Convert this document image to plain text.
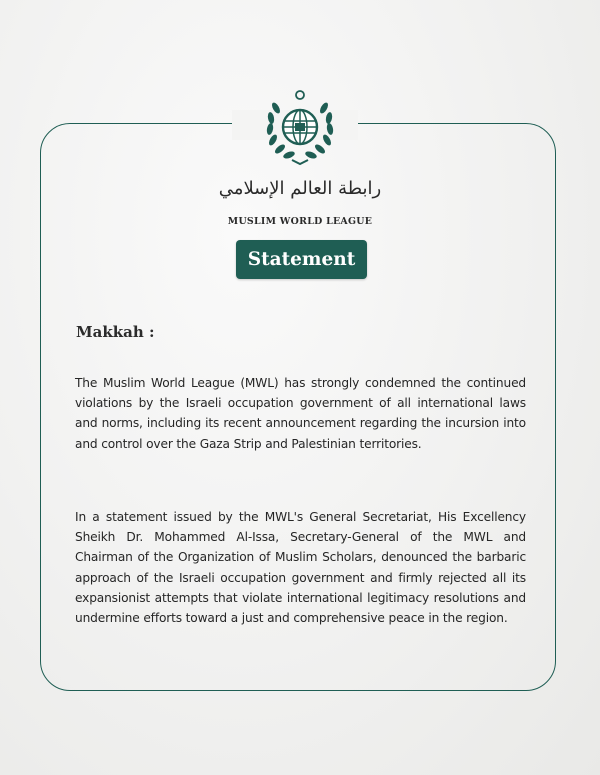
رابطة العالم الإسلامي
MUSLIM WORLD LEAGUE
Statement
Makkah :

The Muslim World League (MWL) has strongly condemned the continued violations by the Israeli occupation government of all international laws and norms, including its recent announcement regarding the incursion into and control over the Gaza Strip and Palestinian territories.

In a statement issued by the MWL's General Secretariat, His Excellency Sheikh Dr. Mohammed Al-Issa, Secretary-General of the MWL and Chairman of the Organization of Muslim Scholars, denounced the barbaric approach of the Israeli occupation government and firmly rejected all its expansionist attempts that violate international legitimacy resolutions and undermine efforts toward a just and comprehensive peace in the region.
